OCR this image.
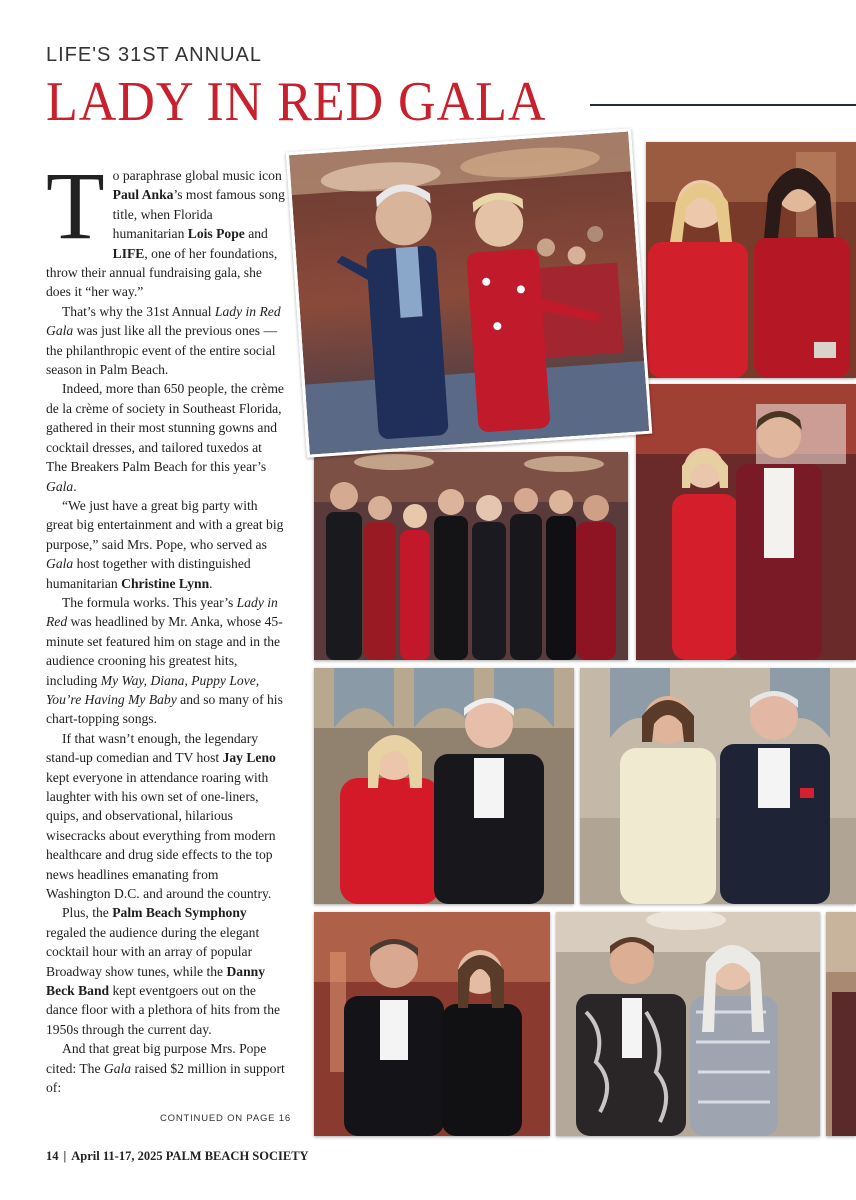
LIFE'S 31ST ANNUAL
LADY IN RED GALA
T o paraphrase global music icon Paul Anka’s most famous song title, when Florida humanitarian Lois Pope and LIFE, one of her foundations, throw their annual fundraising gala, she does it “her way.”

That’s why the 31st Annual Lady in Red Gala was just like all the previous ones — the philanthropic event of the entire social season in Palm Beach.

Indeed, more than 650 people, the crème de la crème of society in Southeast Florida, gathered in their most stunning gowns and cocktail dresses, and tailored tuxedos at The Breakers Palm Beach for this year’s Gala.

“We just have a great big party with great big entertainment and with a great big purpose,” said Mrs. Pope, who served as Gala host together with distinguished humanitarian Christine Lynn.

The formula works. This year’s Lady in Red was headlined by Mr. Anka, whose 45-minute set featured him on stage and in the audience crooning his greatest hits, including My Way, Diana, Puppy Love, You’re Having My Baby and so many of his chart-topping songs.

If that wasn’t enough, the legendary stand-up comedian and TV host Jay Leno kept everyone in attendance roaring with laughter with his own set of one-liners, quips, and observational, hilarious wisecracks about everything from modern healthcare and drug side effects to the top news headlines emanating from Washington D.C. and around the country.

Plus, the Palm Beach Symphony regaled the audience during the elegant cocktail hour with an array of popular Broadway show tunes, while the Danny Beck Band kept eventgoers out on the dance floor with a plethora of hits from the 1950s through the current day.

And that great big purpose Mrs. Pope cited: The Gala raised $2 million in support of:

CONTINUED ON PAGE 16
14 | April 11-17, 2025 PALM BEACH SOCIETY
